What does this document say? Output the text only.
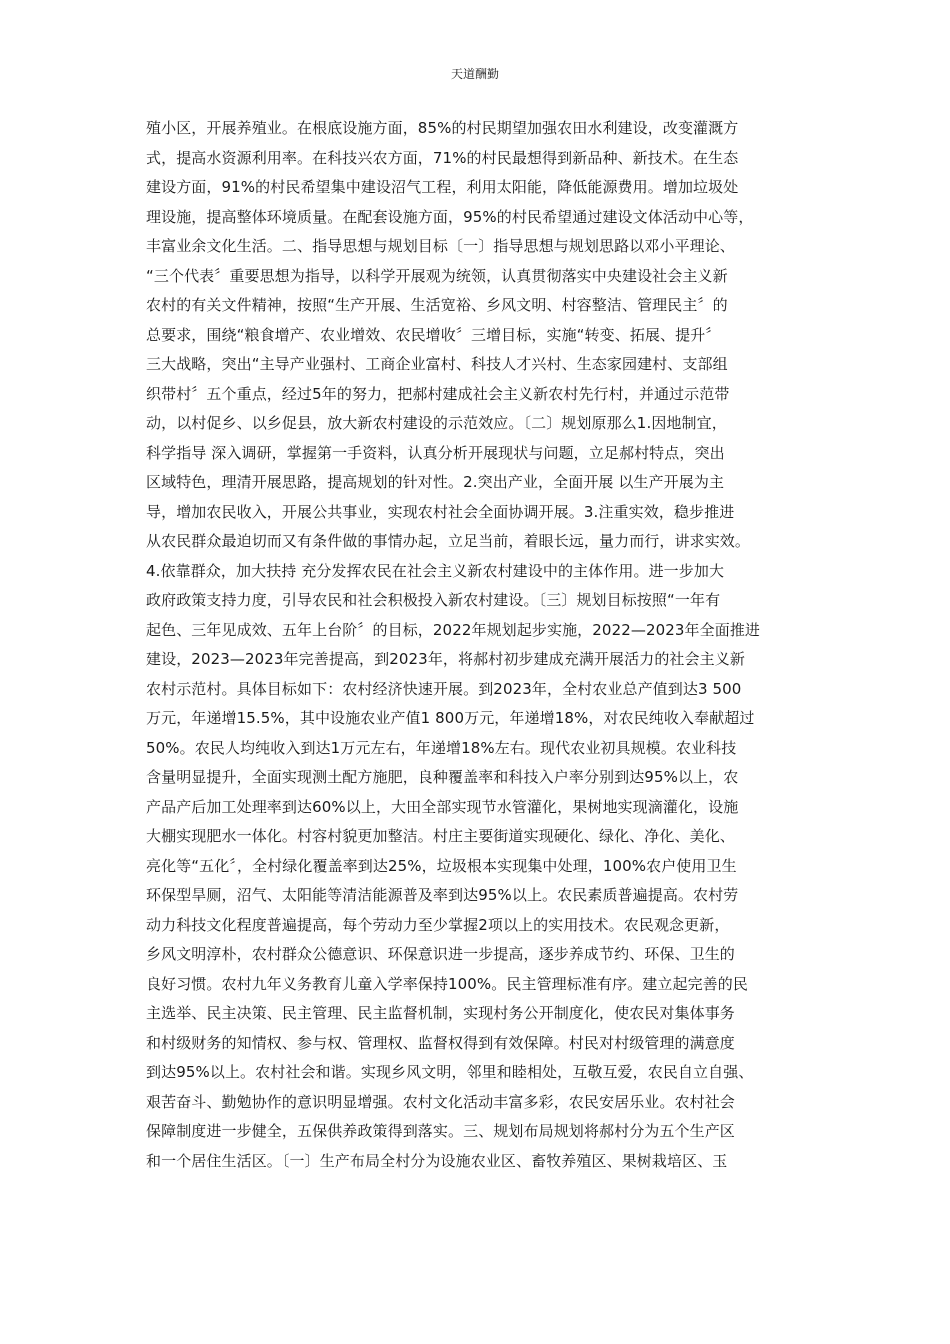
天道酬勤
殖小区，开展养殖业。在根底设施方面，85%的村民期望加强农田水利建设，改变灌溉方
式，提高水资源利用率。在科技兴农方面，71%的村民最想得到新品种、新技术。在生态
建设方面，91%的村民希望集中建设沼气工程，利用太阳能，降低能源费用。增加垃圾处
理设施，提高整体环境质量。在配套设施方面，95%的村民希望通过建设文体活动中心等，
丰富业余文化生活。二、指导思想与规划目标〔一〕指导思想与规划思路以邓小平理论、
“三个代表〞重要思想为指导，以科学开展观为统领，认真贯彻落实中央建设社会主义新
农村的有关文件精神，按照“生产开展、生活宽裕、乡风文明、村容整洁、管理民主〞的
总要求，围绕“粮食增产、农业增效、农民增收〞三增目标，实施“转变、拓展、提升〞
三大战略，突出“主导产业强村、工商企业富村、科技人才兴村、生态家园建村、支部组
织带村〞五个重点，经过5年的努力，把郝村建成社会主义新农村先行村，并通过示范带
动，以村促乡、以乡促县，放大新农村建设的示范效应。〔二〕规划原那么1.因地制宜，
科学指导 深入调研，掌握第一手资料，认真分析开展现状与问题，立足郝村特点，突出
区域特色，理清开展思路，提高规划的针对性。2.突出产业，全面开展 以生产开展为主
导，增加农民收入，开展公共事业，实现农村社会全面协调开展。3.注重实效，稳步推进
从农民群众最迫切而又有条件做的事情办起，立足当前，着眼长远，量力而行，讲求实效。
4.依靠群众，加大扶持 充分发挥农民在社会主义新农村建设中的主体作用。进一步加大
政府政策支持力度，引导农民和社会积极投入新农村建设。〔三〕规划目标按照“一年有
起色、三年见成效、五年上台阶〞的目标，2022年规划起步实施，2022—2023年全面推进
建设，2023—2023年完善提高，到2023年，将郝村初步建成充满开展活力的社会主义新
农村示范村。具体目标如下：农村经济快速开展。到2023年，全村农业总产值到达3 500
万元，年递增15.5%，其中设施农业产值1 800万元，年递增18%，对农民纯收入奉献超过
50%。农民人均纯收入到达1万元左右，年递增18%左右。现代农业初具规模。农业科技
含量明显提升，全面实现测土配方施肥，良种覆盖率和科技入户率分别到达95%以上，农
产品产后加工处理率到达60%以上，大田全部实现节水管灌化，果树地实现滴灌化，设施
大棚实现肥水一体化。村容村貌更加整洁。村庄主要街道实现硬化、绿化、净化、美化、
亮化等“五化〞，全村绿化覆盖率到达25%，垃圾根本实现集中处理，100%农户使用卫生
环保型旱厕，沼气、太阳能等清洁能源普及率到达95%以上。农民素质普遍提高。农村劳
动力科技文化程度普遍提高，每个劳动力至少掌握2项以上的实用技术。农民观念更新，
乡风文明淳朴，农村群众公德意识、环保意识进一步提高，逐步养成节约、环保、卫生的
良好习惯。农村九年义务教育儿童入学率保持100%。民主管理标准有序。建立起完善的民
主选举、民主决策、民主管理、民主监督机制，实现村务公开制度化，使农民对集体事务
和村级财务的知情权、参与权、管理权、监督权得到有效保障。村民对村级管理的满意度
到达95%以上。农村社会和谐。实现乡风文明，邻里和睦相处，互敬互爱，农民自立自强、
艰苦奋斗、勤勉协作的意识明显增强。农村文化活动丰富多彩，农民安居乐业。农村社会
保障制度进一步健全，五保供养政策得到落实。三、规划布局规划将郝村分为五个生产区
和一个居住生活区。〔一〕生产布局全村分为设施农业区、畜牧养殖区、果树栽培区、玉
